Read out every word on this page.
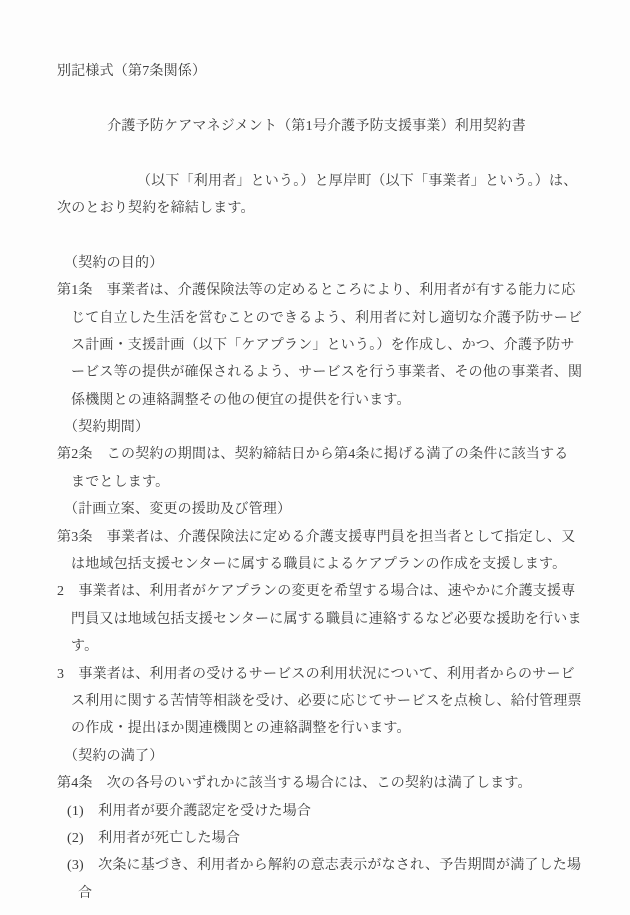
別記様式（第7条関係）
介護予防ケアマネジメント（第1号介護予防支援事業）利用契約書
（以下「利用者」という。）と厚岸町（以下「事業者」という。）は、
次のとおり契約を締結します。
（契約の目的）
第1条　事業者は、介護保険法等の定めるところにより、利用者が有する能力に応
じて自立した生活を営むことのできるよう、利用者に対し適切な介護予防サービ
ス計画・支援計画（以下「ケアプラン」という。）を作成し、かつ、介護予防サ
ービス等の提供が確保されるよう、サービスを行う事業者、その他の事業者、関
係機関との連絡調整その他の便宜の提供を行います。
（契約期間）
第2条　この契約の期間は、契約締結日から第4条に掲げる満了の条件に該当する
までとします。
（計画立案、変更の援助及び管理）
第3条　事業者は、介護保険法に定める介護支援専門員を担当者として指定し、又
は地域包括支援センターに属する職員によるケアプランの作成を支援します。
2　事業者は、利用者がケアプランの変更を希望する場合は、速やかに介護支援専
門員又は地域包括支援センターに属する職員に連絡するなど必要な援助を行いま
す。
3　事業者は、利用者の受けるサービスの利用状況について、利用者からのサービ
ス利用に関する苦情等相談を受け、必要に応じてサービスを点検し、給付管理票
の作成・提出ほか関連機関との連絡調整を行います。
（契約の満了）
第4条　次の各号のいずれかに該当する場合には、この契約は満了します。
(1)　利用者が要介護認定を受けた場合
(2)　利用者が死亡した場合
(3)　次条に基づき、利用者から解約の意志表示がなされ、予告期間が満了した場
合
